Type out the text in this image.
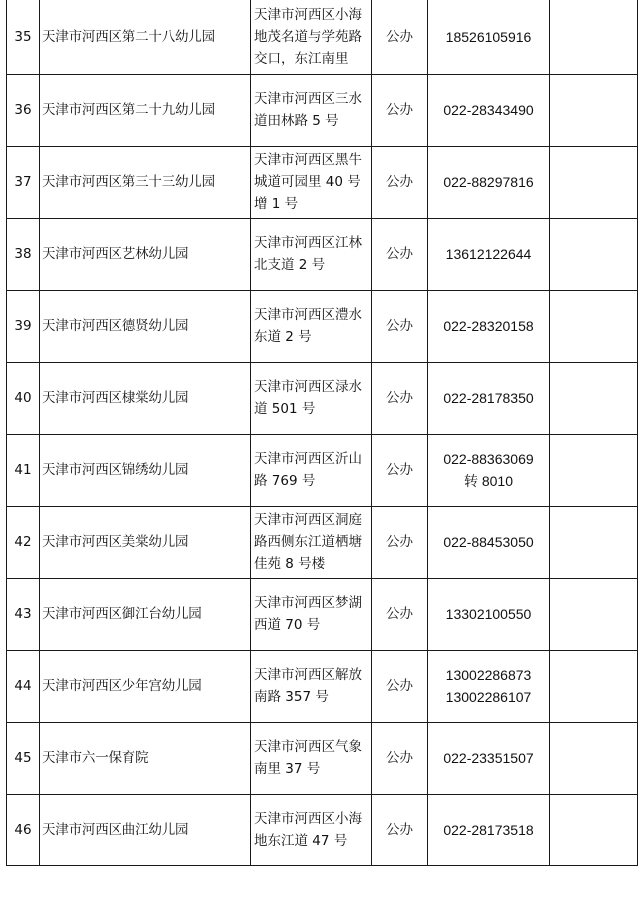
35	天津市河西区第二十八幼儿园	天津市河西区小海地茂名道与学苑路交口，东江南里	公办	18526105916	
36	天津市河西区第二十九幼儿园	天津市河西区三水道田林路 5 号	公办	022-28343490	
37	天津市河西区第三十三幼儿园	天津市河西区黑牛城道可园里 40 号增 1 号	公办	022-88297816	
38	天津市河西区艺林幼儿园	天津市河西区江林北支道 2 号	公办	13612122644	
39	天津市河西区德贤幼儿园	天津市河西区澧水东道 2 号	公办	022-28320158	
40	天津市河西区棣棠幼儿园	天津市河西区渌水道 501 号	公办	022-28178350	
41	天津市河西区锦绣幼儿园	天津市河西区沂山路 769 号	公办	022-88363069
转 8010	
42	天津市河西区美棠幼儿园	天津市河西区洞庭路西侧东江道栖塘佳苑 8 号楼	公办	022-88453050	
43	天津市河西区御江台幼儿园	天津市河西区梦湖西道 70 号	公办	13302100550	
44	天津市河西区少年宫幼儿园	天津市河西区解放南路 357 号	公办	13002286873
13002286107	
45	天津市六一保育院	天津市河西区气象南里 37 号	公办	022-23351507	
46	天津市河西区曲江幼儿园	天津市河西区小海地东江道 47 号	公办	022-28173518	
